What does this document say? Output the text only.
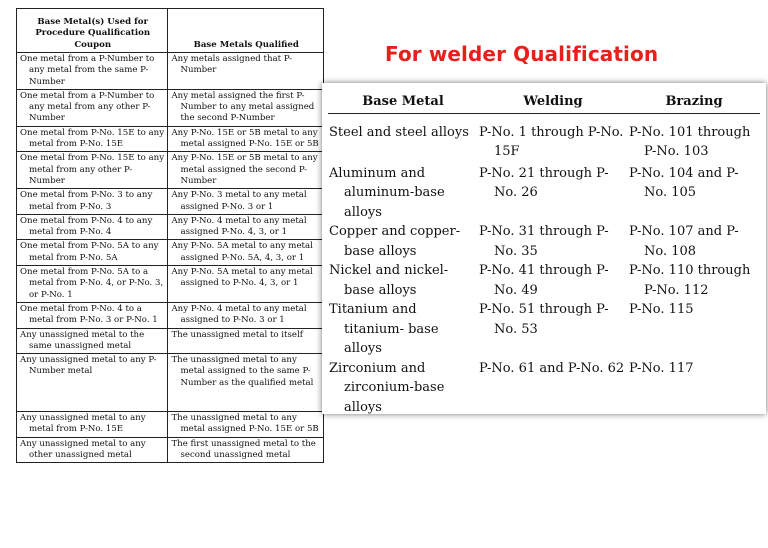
Base Metal(s) Used for Procedure Qualification Coupon	Base Metals Qualified
One metal from a P-Number to any metal from the same P-Number	Any metals assigned that P-Number
One metal from a P-Number to any metal from any other P-Number	Any metal assigned the first P-Number to any metal assigned the second P-Number
One metal from P-No. 15E to any metal from P-No. 15E	Any P-No. 15E or 5B metal to any metal assigned P-No. 15E or 5B
One metal from P-No. 15E to any metal from any other P-Number	Any P-No. 15E or 5B metal to any metal assigned the second P-Number
One metal from P-No. 3 to any metal from P-No. 3	Any P-No. 3 metal to any metal assigned P-No. 3 or 1
One metal from P-No. 4 to any metal from P-No. 4	Any P-No. 4 metal to any metal assigned P-No. 4, 3, or 1
One metal from P-No. 5A to any metal from P-No. 5A	Any P-No. 5A metal to any metal assigned P-No. 5A, 4, 3, or 1
One metal from P-No. 5A to a metal from P-No. 4, or P-No. 3, or P-No. 1	Any P-No. 5A metal to any metal assigned to P-No. 4, 3, or 1
One metal from P-No. 4 to a metal from P-No. 3 or P-No. 1	Any P-No. 4 metal to any metal assigned to P-No. 3 or 1
Any unassigned metal to the same unassigned metal	The unassigned metal to itself
Any unassigned metal to any P-Number metal	The unassigned metal to any metal assigned to the same P-Number as the qualified metal
Any unassigned metal to any metal from P-No. 15E	The unassigned metal to any metal assigned P-No. 15E or 5B
Any unassigned metal to any other unassigned metal	The first unassigned metal to the second unassigned metal
For welder Qualification
Base Metal	Welding	Brazing
Steel and steel alloys	P-No. 1 through P-No. 15F	P-No. 101 through P-No. 103
Aluminum and aluminum-base alloys	P-No. 21 through P-No. 26	P-No. 104 and P-No. 105
Copper and copper-base alloys	P-No. 31 through P-No. 35	P-No. 107 and P-No. 108
Nickel and nickel-base alloys	P-No. 41 through P-No. 49	P-No. 110 through P-No. 112
Titanium and titanium- base alloys	P-No. 51 through P-No. 53	P-No. 115
Zirconium and zirconium-base alloys	P-No. 61 and P-No. 62	P-No. 117
